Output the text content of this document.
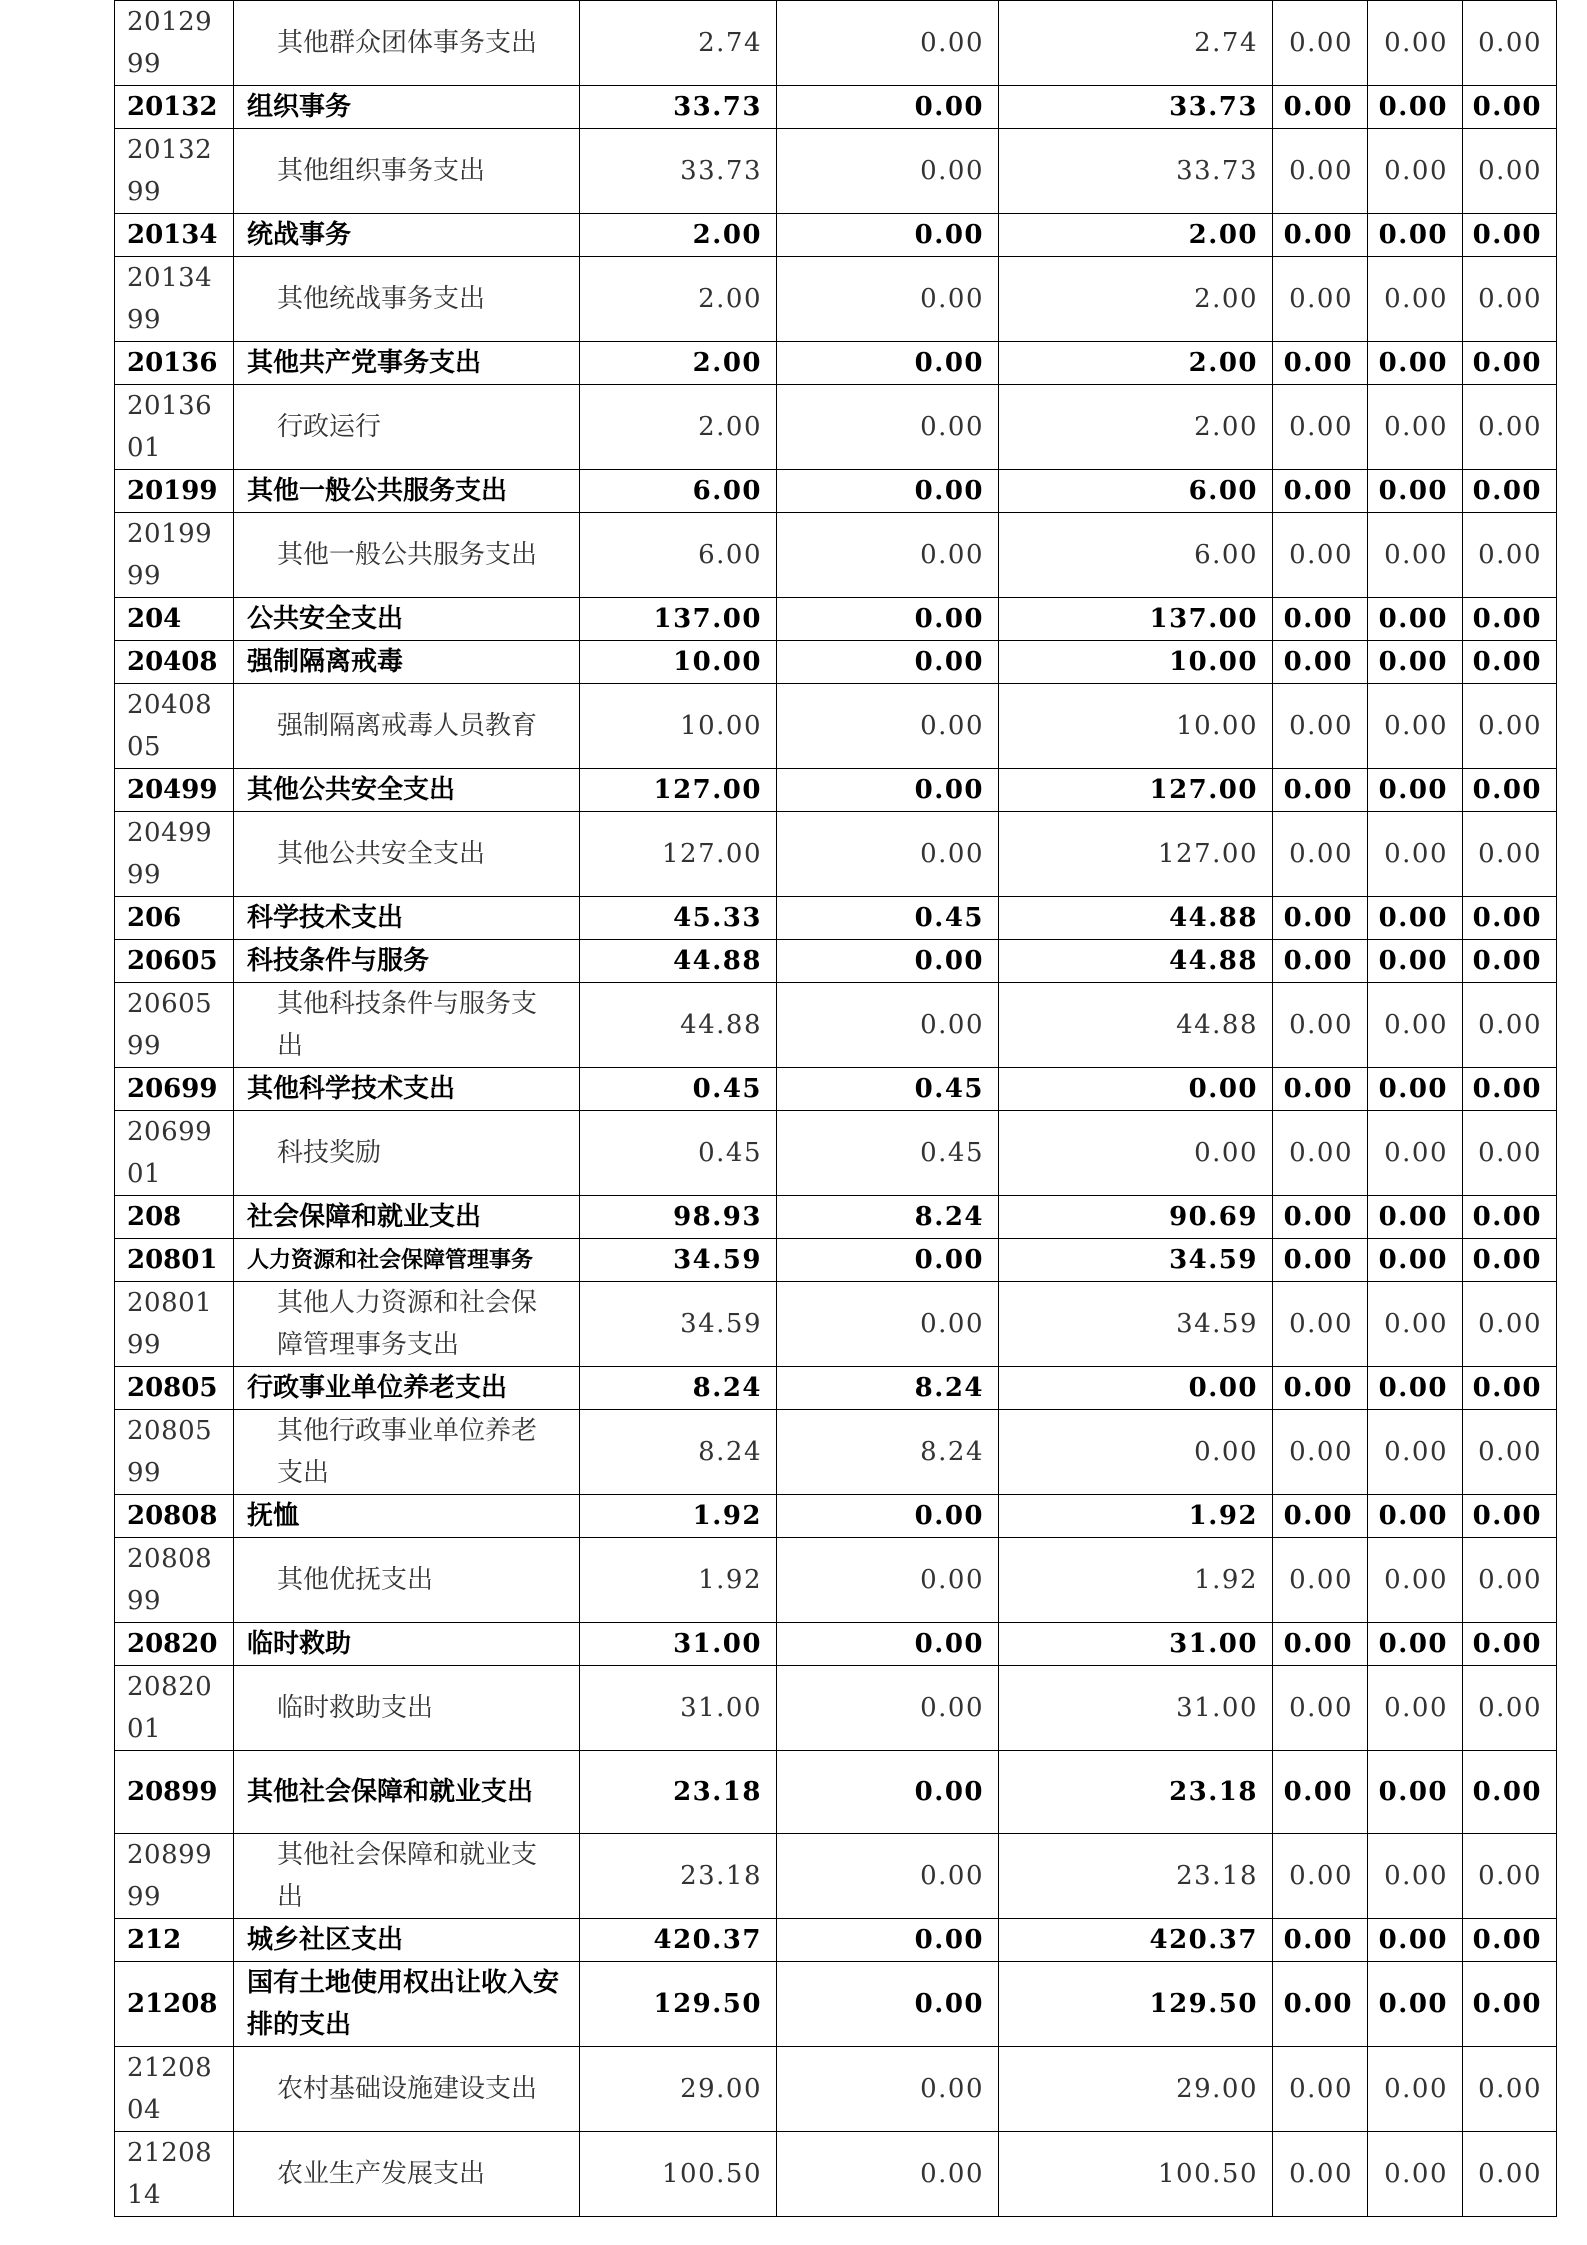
2012999	其他群众团体事务支出	2.74	0.00	2.74	0.00	0.00	0.00
20132	组织事务	33.73	0.00	33.73	0.00	0.00	0.00
2013299	其他组织事务支出	33.73	0.00	33.73	0.00	0.00	0.00
20134	统战事务	2.00	0.00	2.00	0.00	0.00	0.00
2013499	其他统战事务支出	2.00	0.00	2.00	0.00	0.00	0.00
20136	其他共产党事务支出	2.00	0.00	2.00	0.00	0.00	0.00
2013601	行政运行	2.00	0.00	2.00	0.00	0.00	0.00
20199	其他一般公共服务支出	6.00	0.00	6.00	0.00	0.00	0.00
2019999	其他一般公共服务支出	6.00	0.00	6.00	0.00	0.00	0.00
204	公共安全支出	137.00	0.00	137.00	0.00	0.00	0.00
20408	强制隔离戒毒	10.00	0.00	10.00	0.00	0.00	0.00
2040805	强制隔离戒毒人员教育	10.00	0.00	10.00	0.00	0.00	0.00
20499	其他公共安全支出	127.00	0.00	127.00	0.00	0.00	0.00
2049999	其他公共安全支出	127.00	0.00	127.00	0.00	0.00	0.00
206	科学技术支出	45.33	0.45	44.88	0.00	0.00	0.00
20605	科技条件与服务	44.88	0.00	44.88	0.00	0.00	0.00
2060599	其他科技条件与服务支出	44.88	0.00	44.88	0.00	0.00	0.00
20699	其他科学技术支出	0.45	0.45	0.00	0.00	0.00	0.00
2069901	科技奖励	0.45	0.45	0.00	0.00	0.00	0.00
208	社会保障和就业支出	98.93	8.24	90.69	0.00	0.00	0.00
20801	人力资源和社会保障管理事务	34.59	0.00	34.59	0.00	0.00	0.00
2080199	其他人力资源和社会保障管理事务支出	34.59	0.00	34.59	0.00	0.00	0.00
20805	行政事业单位养老支出	8.24	8.24	0.00	0.00	0.00	0.00
2080599	其他行政事业单位养老支出	8.24	8.24	0.00	0.00	0.00	0.00
20808	抚恤	1.92	0.00	1.92	0.00	0.00	0.00
2080899	其他优抚支出	1.92	0.00	1.92	0.00	0.00	0.00
20820	临时救助	31.00	0.00	31.00	0.00	0.00	0.00
2082001	临时救助支出	31.00	0.00	31.00	0.00	0.00	0.00
20899	其他社会保障和就业支出	23.18	0.00	23.18	0.00	0.00	0.00
2089999	其他社会保障和就业支出	23.18	0.00	23.18	0.00	0.00	0.00
212	城乡社区支出	420.37	0.00	420.37	0.00	0.00	0.00
21208	国有土地使用权出让收入安排的支出	129.50	0.00	129.50	0.00	0.00	0.00
2120804	农村基础设施建设支出	29.00	0.00	29.00	0.00	0.00	0.00
2120814	农业生产发展支出	100.50	0.00	100.50	0.00	0.00	0.00
